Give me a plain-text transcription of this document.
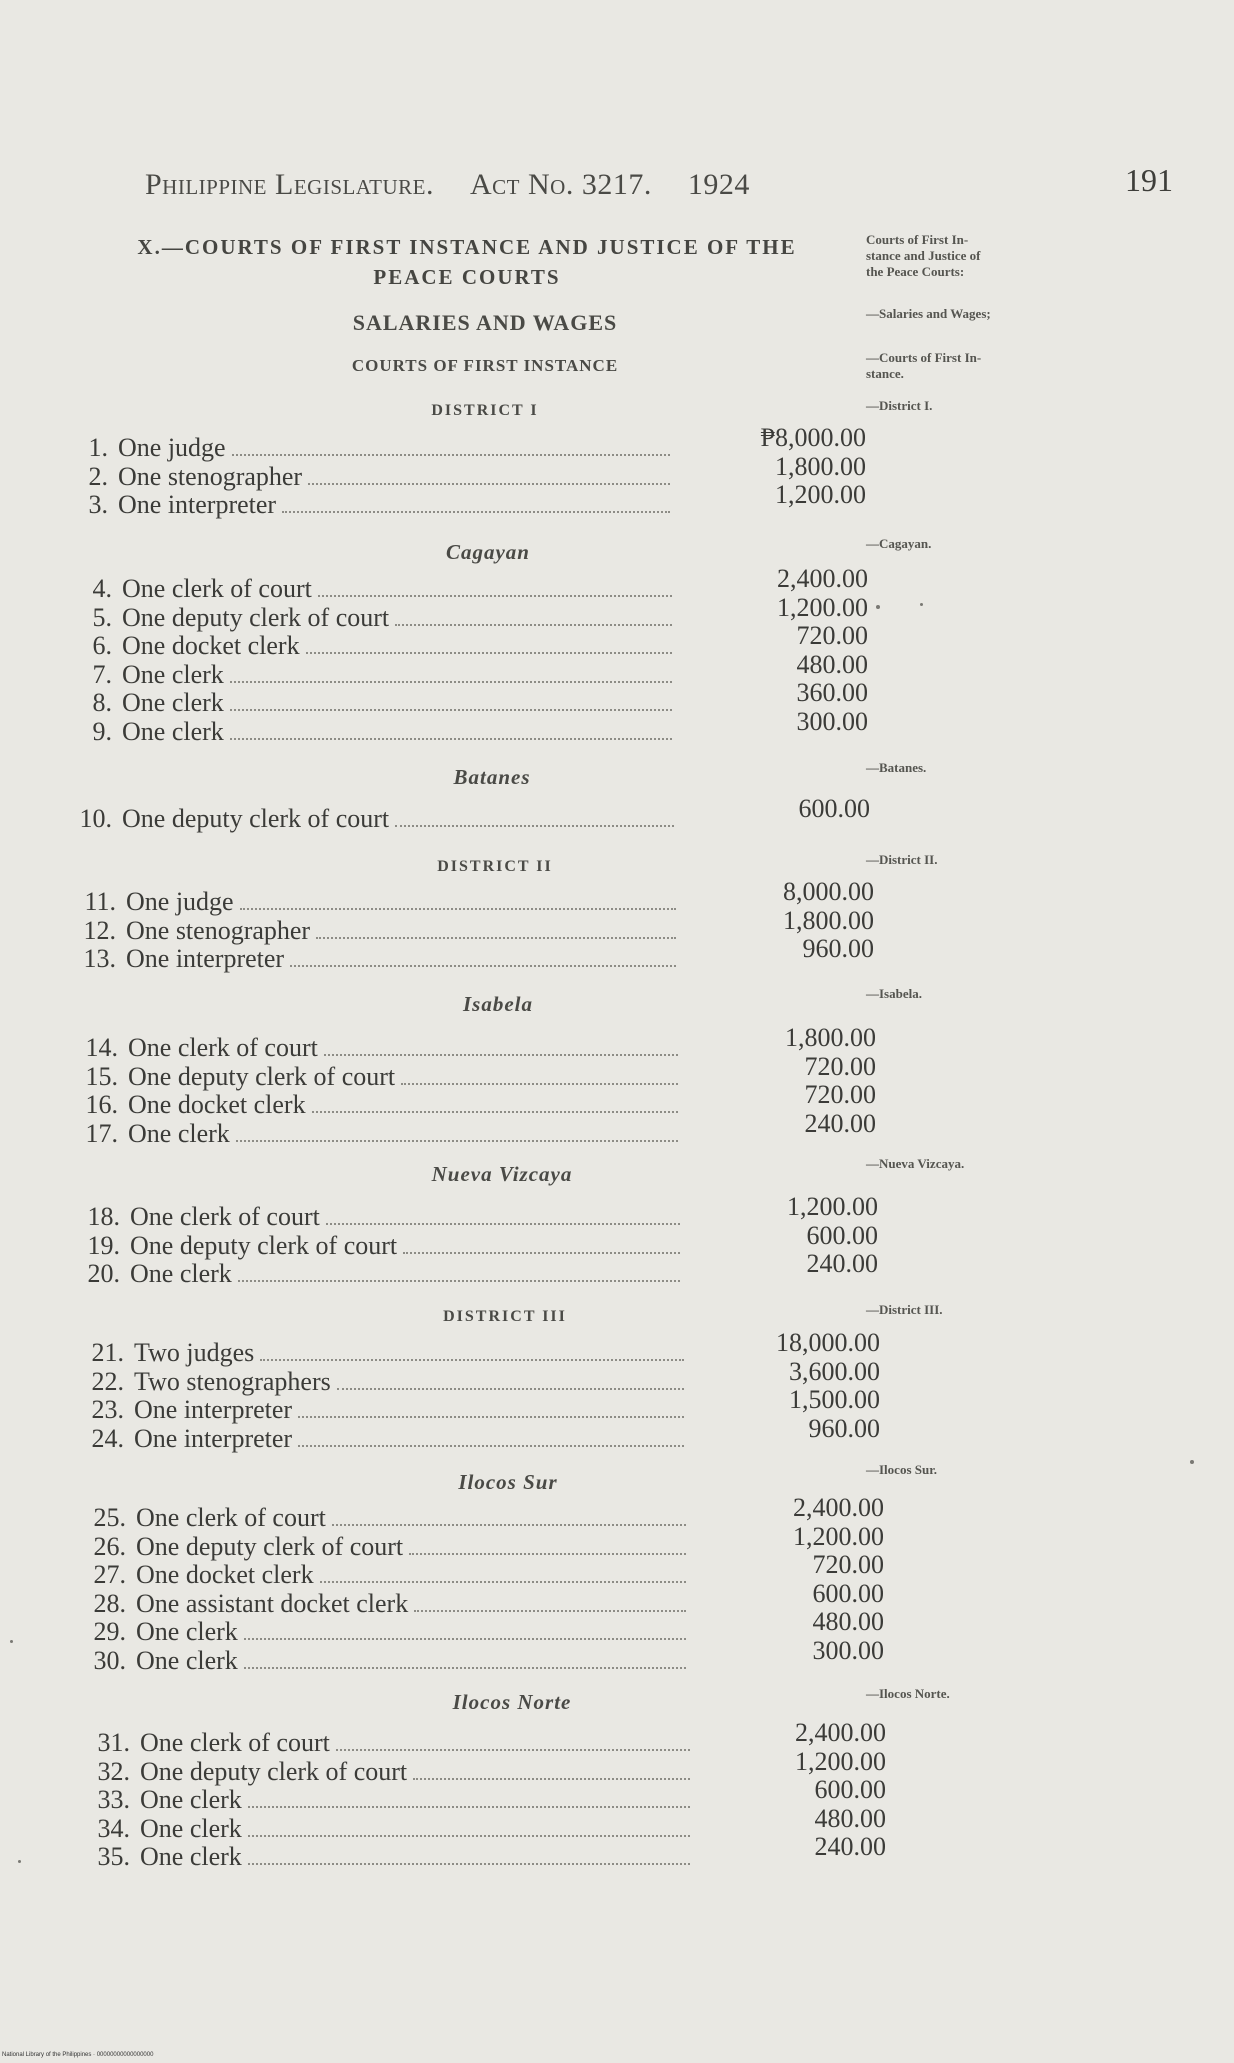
Philippine Legislature. Act No. 3217. 1924	191
X.—COURTS OF FIRST INSTANCE AND JUSTICE OF THE
PEACE COURTS
Courts of First In-
stance and Justice of
the Peace Courts:
SALARIES AND WAGES	—Salaries and Wages;
COURTS OF FIRST INSTANCE	—Courts of First In-
stance.
DISTRICT I	—District I.
Cagayan	—Cagayan.
Batanes	—Batanes.
DISTRICT II	—District II.
Isabela	—Isabela.
Nueva Vizcaya	—Nueva Vizcaya.
DISTRICT III	—District III.
Ilocos Sur
—Ilocos Sur.
Ilocos Norte	—Ilocos Norte.
1. One judge	₱8,000.00
2. One stenographer	1,800.00
3. One interpreter	1,200.00
4. One clerk of court	2,400.00
5. One deputy clerk of court	1,200.00
6. One docket clerk	720.00
7. One clerk	480.00
8. One clerk	360.00
9. One clerk	300.00
10. One deputy clerk of court	600.00
11. One judge	8,000.00
12. One stenographer	1,800.00
13. One interpreter	960.00
14. One clerk of court	1,800.00
15. One deputy clerk of court	720.00
16. One docket clerk	720.00
17. One clerk	240.00
18. One clerk of court	1,200.00
19. One deputy clerk of court	600.00
20. One clerk	240.00
21. Two judges	18,000.00
22. Two stenographers	3,600.00
23. One interpreter	1,500.00
24. One interpreter	960.00
25. One clerk of court	2,400.00
26. One deputy clerk of court	1,200.00
27. One docket clerk	720.00
28. One assistant docket clerk	600.00
29. One clerk	480.00
30. One clerk	300.00
31. One clerk of court	2,400.00
32. One deputy clerk of court	1,200.00
33. One clerk	600.00
34. One clerk	480.00
35. One clerk	240.00
National Library of the Philippines · 00000000000000000
